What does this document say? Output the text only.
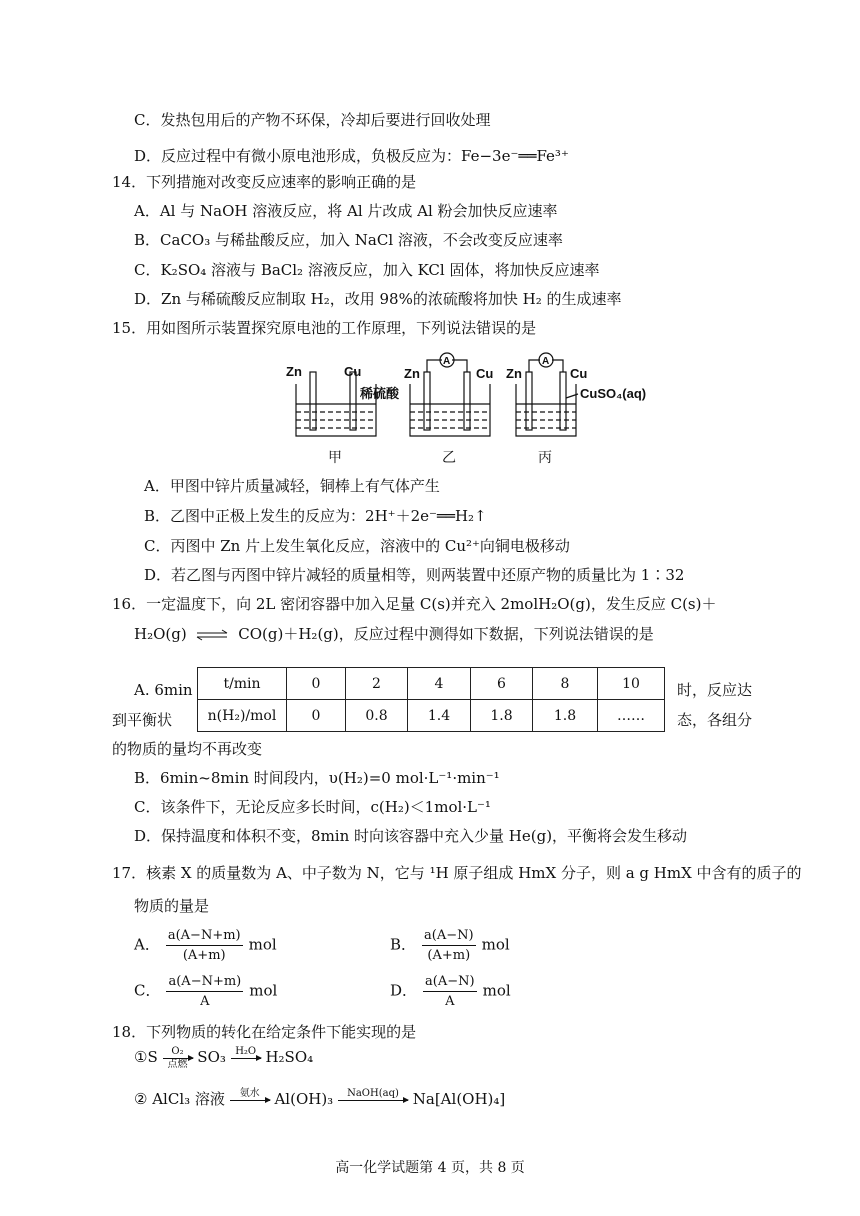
C．发热包用后的产物不环保，冷却后要进行回收处理
D．反应过程中有微小原电池形成，负极反应为：Fe−3e⁻══Fe³⁺
14．下列措施对改变反应速率的影响正确的是
A．Al 与 NaOH 溶液反应，将 Al 片改成 Al 粉会加快反应速率
B．CaCO₃ 与稀盐酸反应，加入 NaCl 溶液，不会改变反应速率
C．K₂SO₄ 溶液与 BaCl₂ 溶液反应，加入 KCl 固体，将加快反应速率
D．Zn 与稀硫酸反应制取 H₂，改用 98%的浓硫酸将加快 H₂ 的生成速率
15．用如图所示装置探究原电池的工作原理，下列说法错误的是
Zn	Cu
稀硫酸
Zn	Cu
A
Zn	Cu
A
CuSO₄(aq)
甲	乙	丙
A．甲图中锌片质量减轻，铜棒上有气体产生
B．乙图中正极上发生的反应为：2H⁺＋2e⁻══H₂↑
C．丙图中 Zn 片上发生氧化反应，溶液中的 Cu²⁺向铜电极移动
D．若乙图与丙图中锌片减轻的质量相等，则两装置中还原产物的质量比为 1∶32
16．一定温度下，向 2L 密闭容器中加入足量 C(s)并充入 2molH₂O(g)，发生反应 C(s)＋
H₂O(g) ⇌ CO(g)＋H₂(g)，反应过程中测得如下数据，下列说法错误的是
A. 6min
到平衡状
时，反应达
态，各组分
t/min	0	2	4	6	8	10
n(H₂)/mol	0	0.8	1.4	1.8	1.8	……
的物质的量均不再改变
B．6min~8min 时间段内，υ(H₂)=0 mol·L⁻¹·min⁻¹
C．该条件下，无论反应多长时间，c(H₂)＜1mol·L⁻¹
D．保持温度和体积不变，8min 时向该容器中充入少量 He(g)，平衡将会发生移动
17．核素 X 的质量数为 A、中子数为 N，它与 ¹H 原子组成 HmX 分子，则 a g HmX 中含有的质子的
物质的量是
A． $\frac{a(A-N+m)}{(A+m)}$ mol	B． $\frac{a(A-N)}{(A+m)}$ mol
C． $\frac{a(A-N+m)}{A}$ mol	D． $\frac{a(A-N)}{A}$ mol
18．下列物质的转化在给定条件下能实现的是
①S	O₂
点燃 SO₃ H₂O H₂SO₄
② AlCl₃ 溶液	氨水 Al(OH)₃	NaOH(aq) Na[Al(OH)₄]
高一化学试题第 4 页，共 8 页
